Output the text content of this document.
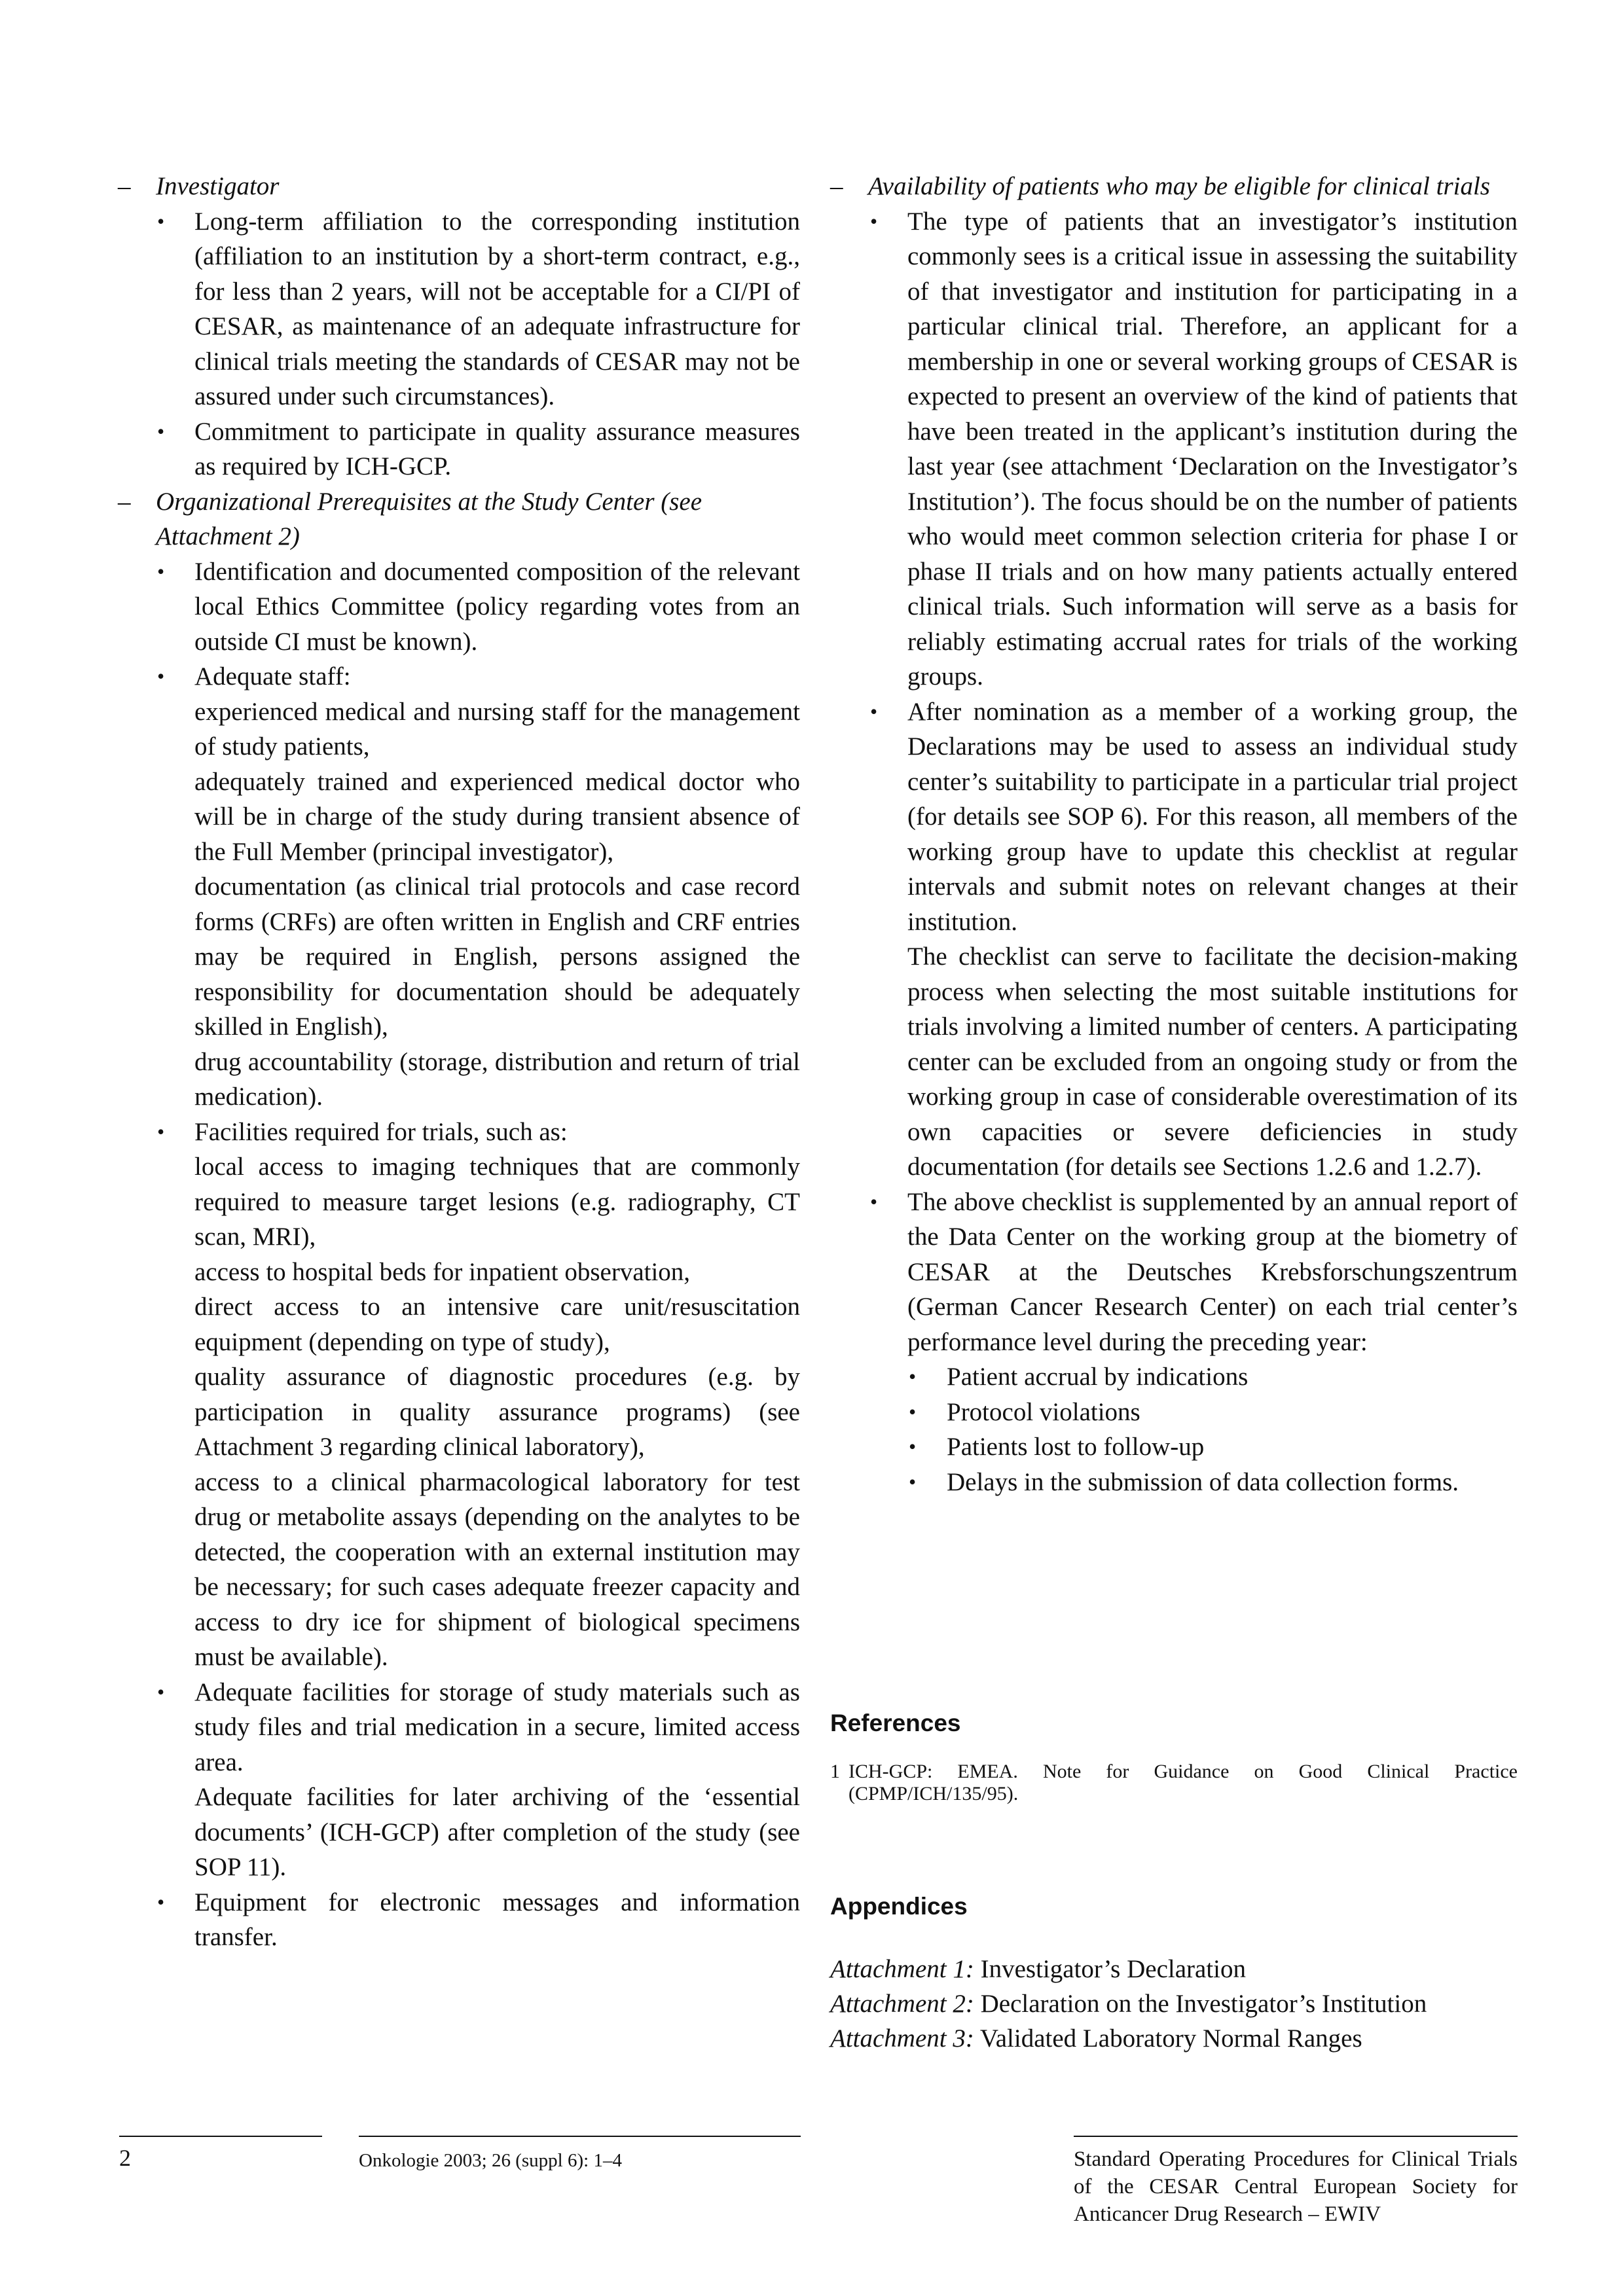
– Investigator
• Long-term affiliation to the corresponding institution (affiliation to an institution by a short-term contract, e.g., for less than 2 years, will not be acceptable for a CI/PI of CESAR, as maintenance of an adequate infrastructure for clinical trials meeting the standards of CESAR may not be assured under such circumstances).
• Commitment to participate in quality assurance measures as required by ICH-GCP.
– Organizational Prerequisites at the Study Center (see Attachment 2)
• Identification and documented composition of the relevant local Ethics Committee (policy regarding votes from an outside CI must be known).
• Adequate staff:
experienced medical and nursing staff for the management of study patients,
adequately trained and experienced medical doctor who will be in charge of the study during transient absence of the Full Member (principal investigator),
documentation (as clinical trial protocols and case record forms (CRFs) are often written in English and CRF entries may be required in English, persons assigned the responsibility for documentation should be adequately skilled in English),
drug accountability (storage, distribution and return of trial medication).
• Facilities required for trials, such as:
local access to imaging techniques that are commonly required to measure target lesions (e.g. radiography, CT scan, MRI),
access to hospital beds for inpatient observation,
direct access to an intensive care unit/resuscitation equipment (depending on type of study),
quality assurance of diagnostic procedures (e.g. by participation in quality assurance programs) (see Attachment 3 regarding clinical laboratory),
access to a clinical pharmacological laboratory for test drug or metabolite assays (depending on the analytes to be detected, the cooperation with an external institution may be necessary; for such cases adequate freezer capacity and access to dry ice for shipment of biological specimens must be available).
• Adequate facilities for storage of study materials such as study files and trial medication in a secure, limited access area.
Adequate facilities for later archiving of the ‘essential documents’ (ICH-GCP) after completion of the study (see SOP 11).
• Equipment for electronic messages and information transfer.
– Availability of patients who may be eligible for clinical trials
• The type of patients that an investigator’s institution commonly sees is a critical issue in assessing the suitability of that investigator and institution for participating in a particular clinical trial. Therefore, an applicant for a membership in one or several working groups of CESAR is expected to present an overview of the kind of patients that have been treated in the applicant’s institution during the last year (see attachment ‘Declaration on the Investigator’s Institution’). The focus should be on the number of patients who would meet common selection criteria for phase I or phase II trials and on how many patients actually entered clinical trials. Such information will serve as a basis for reliably estimating accrual rates for trials of the working groups.
• After nomination as a member of a working group, the Declarations may be used to assess an individual study center’s suitability to participate in a particular trial project (for details see SOP 6). For this reason, all members of the working group have to update this checklist at regular intervals and submit notes on relevant changes at their institution.
The checklist can serve to facilitate the decision-making process when selecting the most suitable institutions for trials involving a limited number of centers. A participating center can be excluded from an ongoing study or from the working group in case of considerable overestimation of its own capacities or severe deficiencies in study documentation (for details see Sections 1.2.6 and 1.2.7).
• The above checklist is supplemented by an annual report of the Data Center on the working group at the biometry of CESAR at the Deutsches Krebsforschungszentrum (German Cancer Research Center) on each trial center’s performance level during the preceding year:
• Patient accrual by indications
• Protocol violations
• Patients lost to follow-up
• Delays in the submission of data collection forms.
References
1 ICH-GCP: EMEA. Note for Guidance on Good Clinical Practice (CPMP/ICH/135/95).
Appendices
Attachment 1: Investigator’s Declaration
Attachment 2: Declaration on the Investigator’s Institution
Attachment 3: Validated Laboratory Normal Ranges
2	Onkologie 2003; 26 (suppl 6): 1–4	Standard Operating Procedures for Clinical Trials of the CESAR Central European Society for Anticancer Drug Research – EWIV
